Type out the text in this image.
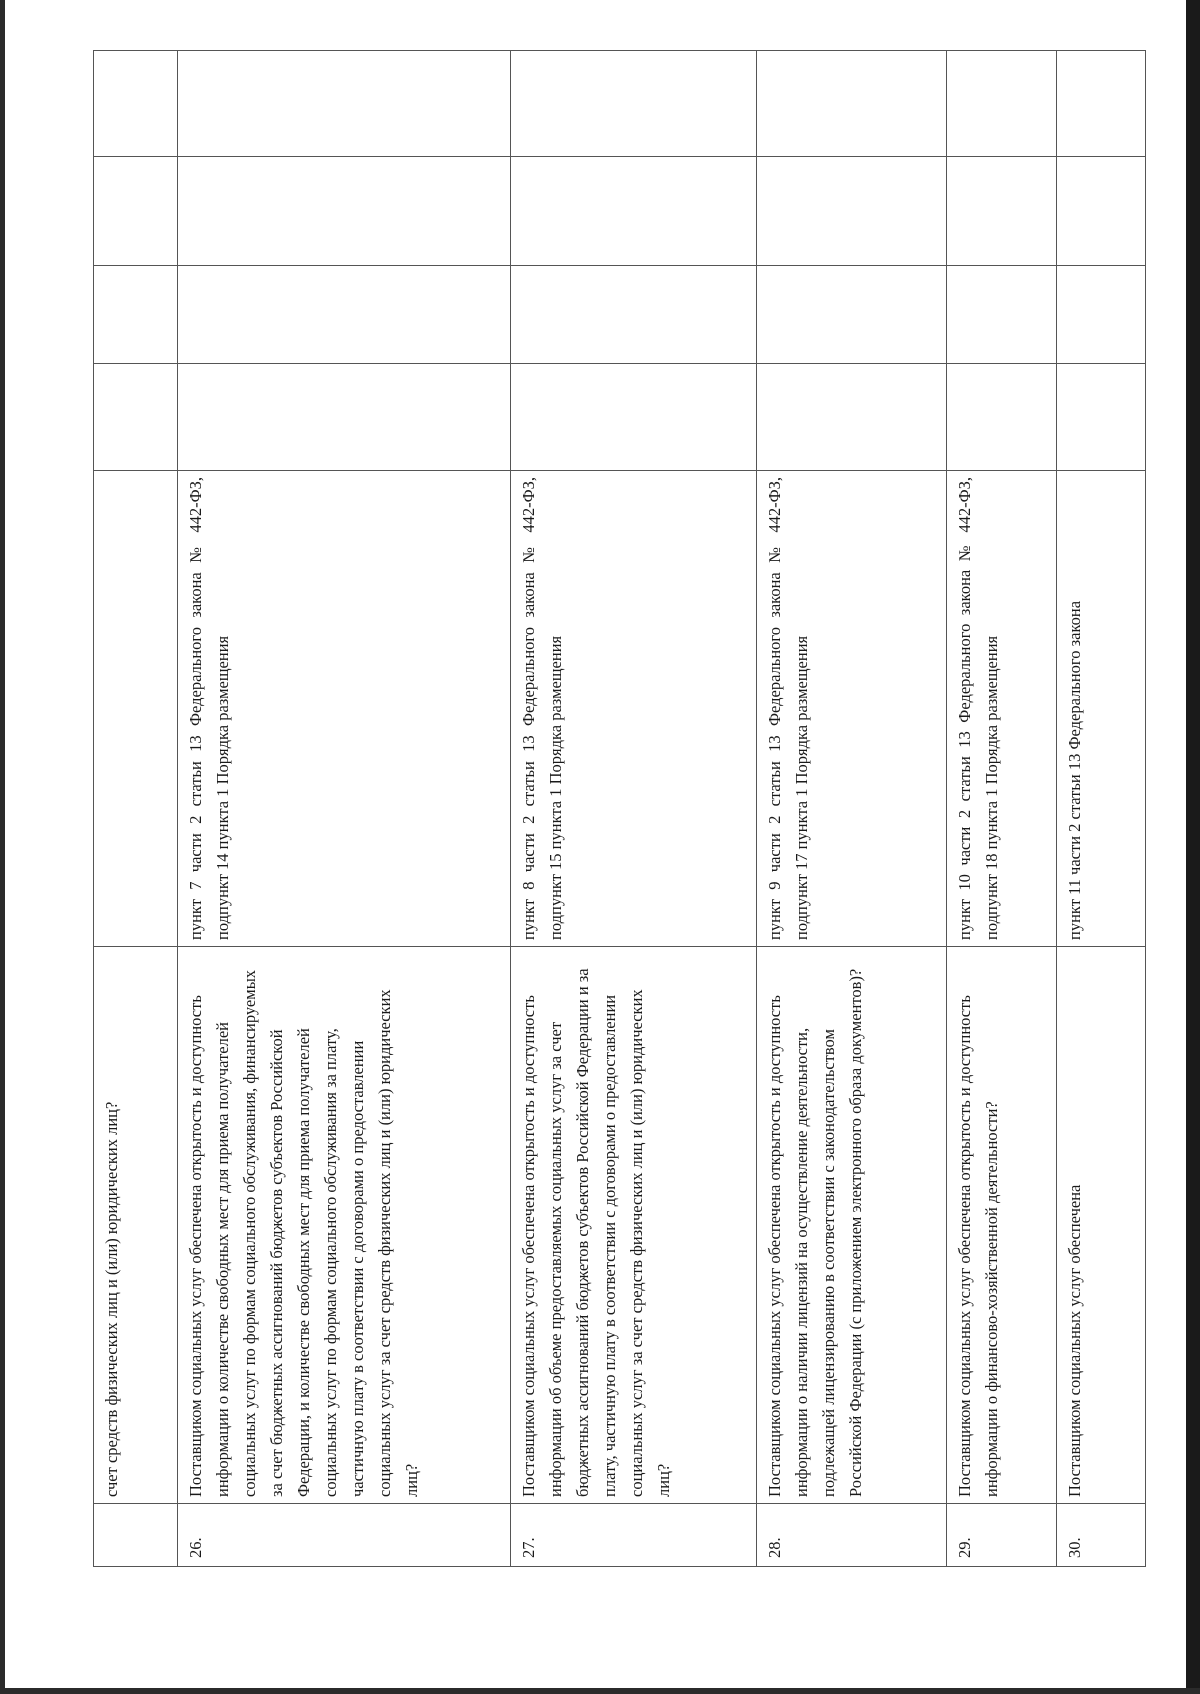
	счет средств физических лиц и (или) юридических лиц?					
26.	Поставщиком социальных услуг обеспечена открытость и доступность информации о количестве свободных мест для приема получателей социальных услуг по формам социального обслуживания, финансируемых за счет бюджетных ассигнований бюджетов субъектов Российской Федерации, и количестве свободных мест для приема получателей социальных услуг по формам социального обслуживания за плату, частичную плату в соответствии с договорами о предоставлении социальных услуг за счет средств физических лиц и (или) юридических лиц?	пункт 7 части 2 статьи 13 Федерального закона № 442-ФЗ, подпункт 14 пункта 1 Порядка размещения				
27.	Поставщиком социальных услуг обеспечена открытость и доступность информации об объеме предоставляемых социальных услуг за счет бюджетных ассигнований бюджетов субъектов Российской Федерации и за плату, частичную плату в соответствии с договорами о предоставлении социальных услуг за счет средств физических лиц и (или) юридических лиц?	пункт 8 части 2 статьи 13 Федерального закона № 442-ФЗ, подпункт 15 пункта 1 Порядка размещения				
28.	Поставщиком социальных услуг обеспечена открытость и доступность информации о наличии лицензий на осуществление деятельности, подлежащей лицензированию в соответствии с законодательством Российской Федерации (с приложением электронного образа документов)?	пункт 9 части 2 статьи 13 Федерального закона № 442-ФЗ, подпункт 17 пункта 1 Порядка размещения				
29.	Поставщиком социальных услуг обеспечена открытость и доступность информации о финансово-хозяйственной деятельности?	пункт 10 части 2 статьи 13 Федерального закона № 442-ФЗ, подпункт 18 пункта 1 Порядка размещения				
30.	Поставщиком социальных услуг обеспечена	пункт 11 части 2 статьи 13 Федерального закона				
